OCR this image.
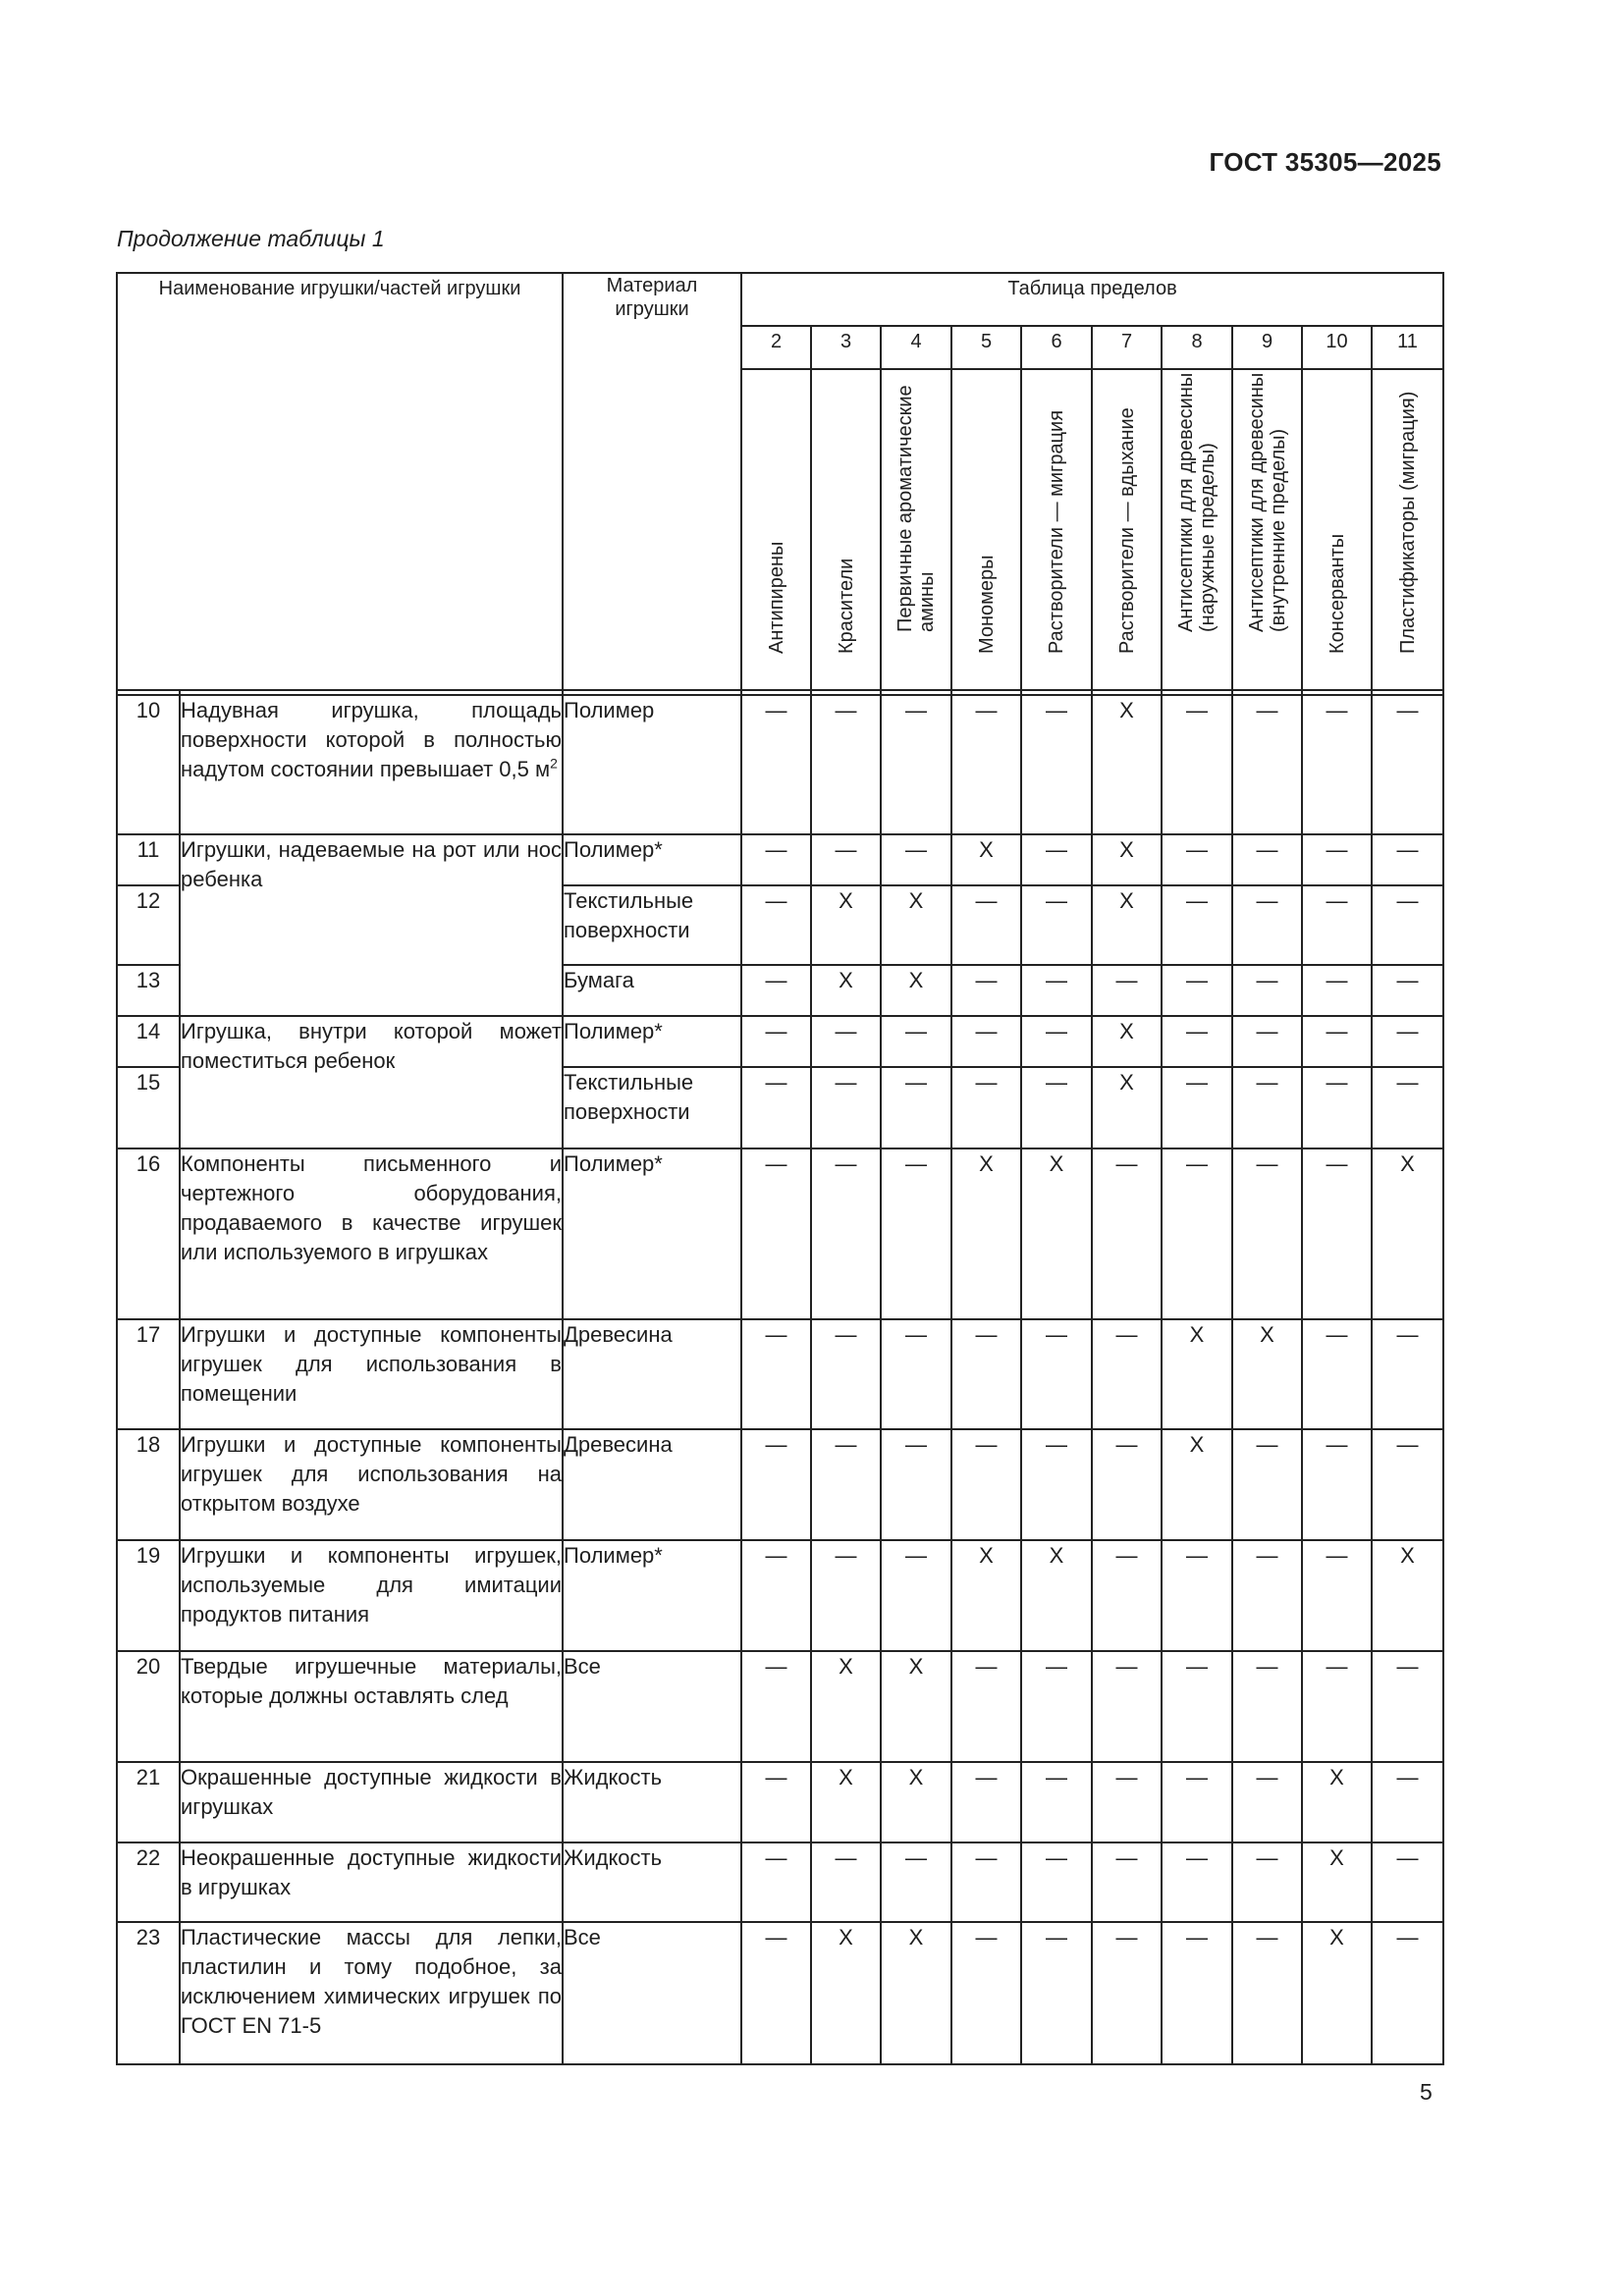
ГОСТ 35305—2025
Продолжение таблицы 1
Наименование игрушки/частей игрушки		Материал
игрушки	Таблица пределов									
			2	3	4	5	6	7	8	9	10	11

Антипирены	Красители	Первичные ароматические амины	Мономеры	Растворители — миграция	Растворители — вдыхание	Антисептики для древесины (наружные пределы)	Антисептики для древесины (внутренние пределы)	Консерванты	Пластификаторы (миграция)

10	Надувная игрушка, площадь поверхности которой в полностью надутом состоянии превышает 0,5 $м^2$	Полимер	—	—	—	—	—	X	—	—	—	—
11	Игрушки, надеваемые на рот или нос ребенка	Полимер*	—	—	—	X	—	X	—	—	—	—
12		Текстильные поверхности	—	X	X	—	—	X	—	—	—	—
13		Бумага	—	X	X	—	—	—	—	—	—	—
14	Игрушка, внутри которой может поместиться ребенок	Полимер*	—	—	—	—	—	X	—	—	—	—
15		Текстильные поверхности	—	—	—	—	—	X	—	—	—	—
16	Компоненты письменного и чертежного оборудования, продаваемого в качестве игрушек или используемого в игрушках	Полимер*	—	—	—	X	X	—	—	—	—	X
17	Игрушки и доступные компоненты игрушек для использования в помещении	Древесина	—	—	—	—	—	—	X	X	—	—
18	Игрушки и доступные компоненты игрушек для использования на открытом воздухе	Древесина	—	—	—	—	—	—	X	—	—	—
19	Игрушки и компоненты игрушек, используемые для имитации продуктов питания	Полимер*	—	—	—	X	X	—	—	—	—	X
20	Твердые игрушечные материалы, которые должны оставлять след	Все	—	X	X	—	—	—	—	—	—	—
21	Окрашенные доступные жидкости в игрушках	Жидкость	—	X	X	—	—	—	—	—	X	—
22	Неокрашенные доступные жидкости в игрушках	Жидкость	—	—	—	—	—	—	—	—	X	—
23	Пластические массы для лепки, пластилин и тому подобное, за исключением химических игрушек по ГОСТ EN 71-5	Все	—	X	X	—	—	—	—	—	X	—
5
